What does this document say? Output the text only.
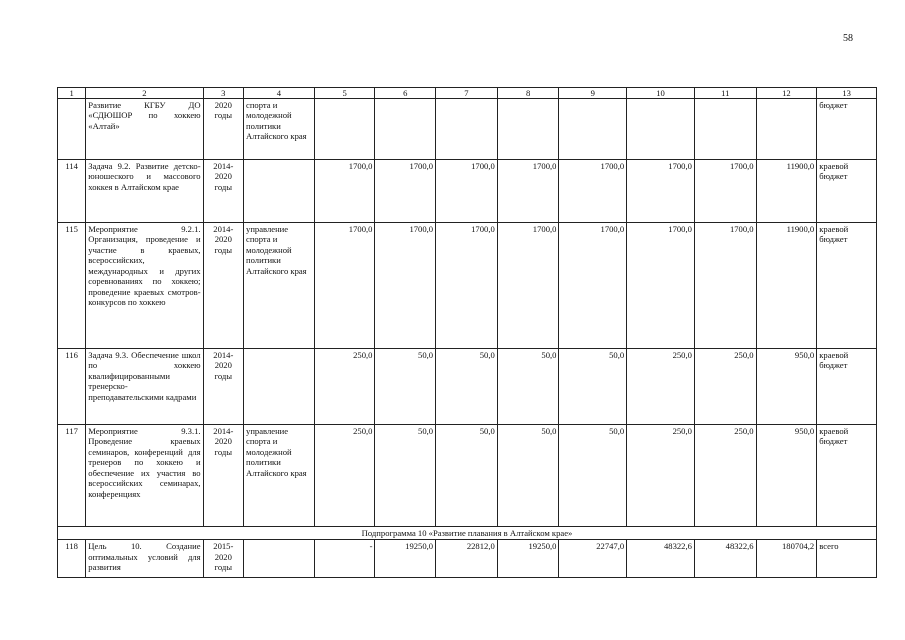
58
1	2	3	4	5	6	7	8	9	10	11	12	13
	Развитие КГБУ ДО «СДЮШОР по хоккею «Алтай»	2020 годы	спорта и молодежной политики Алтайского края									бюджет
114	Задача 9.2. Развитие детско-юношеского и массового хоккея в Алтайском крае	2014-2020 годы		1700,0	1700,0	1700,0	1700,0	1700,0	1700,0	1700,0	11900,0	краевой бюджет
115	Мероприятие 9.2.1. Организация, проведение и участие в краевых, всероссийских, международных и других соревнованиях по хоккею; проведение краевых смотров- конкурсов по хоккею	2014-2020 годы	управление спорта и молодежной политики Алтайского края	1700,0	1700,0	1700,0	1700,0	1700,0	1700,0	1700,0	11900,0	краевой бюджет
116	Задача 9.3. Обеспечение школ по хоккею квалифицированными тренерско-преподавательскими кадрами	2014-2020 годы		250,0	50,0	50,0	50,0	50,0	250,0	250,0	950,0	краевой бюджет
117	Мероприятие 9.3.1. Проведение краевых семинаров, конференций для тренеров по хоккею и обеспечение их участия во всероссийских семинарах, конференциях	2014-2020 годы	управление спорта и молодежной политики Алтайского края	250,0	50,0	50,0	50,0	50,0	250,0	250,0	950,0	краевой бюджет
Подпрограмма 10 «Развитие плавания в Алтайском крае»												
118	Цель 10. Создание оптимальных условий для развития	2015-2020 годы		-	19250,0	22812,0	19250,0	22747,0	48322,6	48322,6	180704,2	всего
